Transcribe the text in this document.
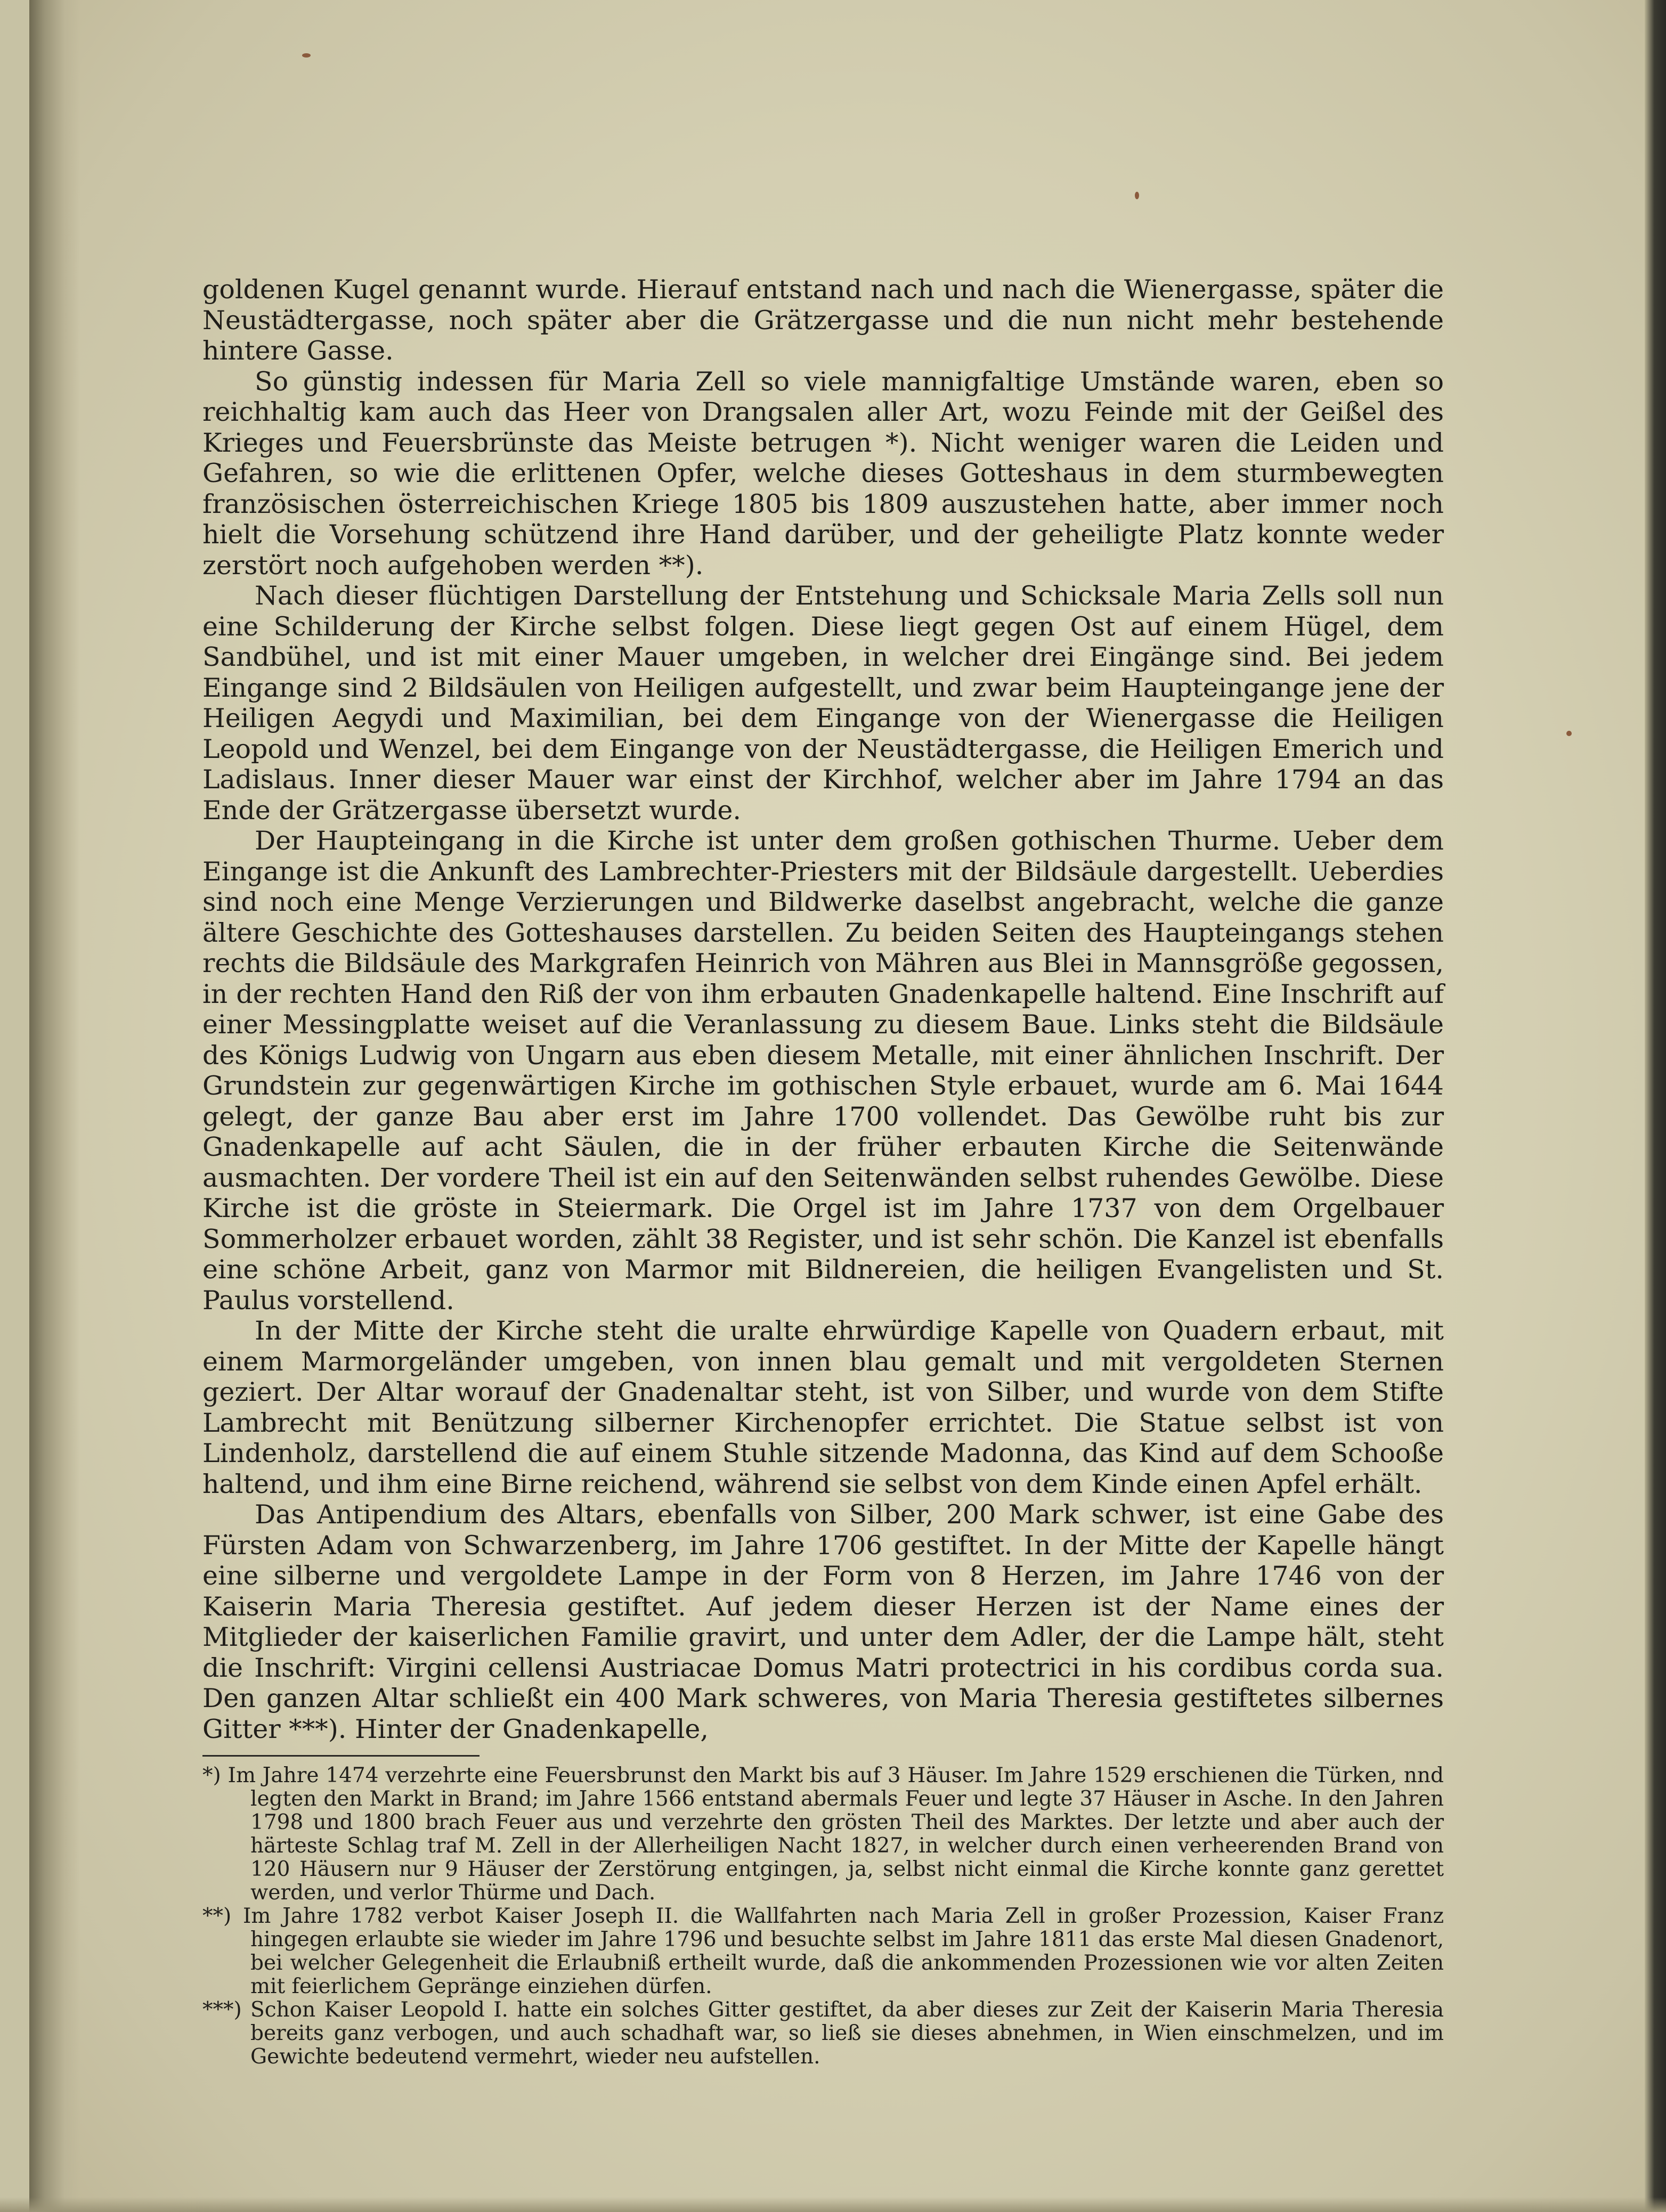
goldenen Kugel genannt wurde. Hierauf entstand nach und nach die Wienergasse, später die Neustädtergasse, noch später aber die Grätzergasse und die nun nicht mehr bestehende hintere Gasse.

So günstig indessen für Maria Zell so viele mannigfaltige Umstände waren, eben so reichhaltig kam auch das Heer von Drangsalen aller Art, wozu Feinde mit der Geißel des Krieges und Feuersbrünste das Meiste betrugen *). Nicht weniger waren die Leiden und Gefahren, so wie die erlittenen Opfer, welche dieses Gotteshaus in dem sturmbewegten französischen österreichischen Kriege 1805 bis 1809 auszustehen hatte, aber immer noch hielt die Vorsehung schützend ihre Hand darüber, und der geheiligte Platz konnte weder zerstört noch aufgehoben werden **).

Nach dieser flüchtigen Darstellung der Entstehung und Schicksale Maria Zells soll nun eine Schilderung der Kirche selbst folgen. Diese liegt gegen Ost auf einem Hügel, dem Sandbühel, und ist mit einer Mauer umgeben, in welcher drei Eingänge sind. Bei jedem Eingange sind 2 Bildsäulen von Heiligen aufgestellt, und zwar beim Haupteingange jene der Heiligen Aegydi und Maximilian, bei dem Eingange von der Wienergasse die Heiligen Leopold und Wenzel, bei dem Eingange von der Neustädtergasse, die Heiligen Emerich und Ladislaus. Inner dieser Mauer war einst der Kirchhof, welcher aber im Jahre 1794 an das Ende der Grätzergasse übersetzt wurde.

Der Haupteingang in die Kirche ist unter dem großen gothischen Thurme. Ueber dem Eingange ist die Ankunft des Lambrechter-Priesters mit der Bildsäule dargestellt. Ueberdies sind noch eine Menge Verzierungen und Bildwerke daselbst angebracht, welche die ganze ältere Geschichte des Gotteshauses darstellen. Zu beiden Seiten des Haupteingangs stehen rechts die Bildsäule des Markgrafen Heinrich von Mähren aus Blei in Mannsgröße gegossen, in der rechten Hand den Riß der von ihm erbauten Gnadenkapelle haltend. Eine Inschrift auf einer Messingplatte weiset auf die Veranlassung zu diesem Baue. Links steht die Bildsäule des Königs Ludwig von Ungarn aus eben diesem Metalle, mit einer ähnlichen Inschrift. Der Grundstein zur gegenwärtigen Kirche im gothischen Style erbauet, wurde am 6. Mai 1644 gelegt, der ganze Bau aber erst im Jahre 1700 vollendet. Das Gewölbe ruht bis zur Gnadenkapelle auf acht Säulen, die in der früher erbauten Kirche die Seitenwände ausmachten. Der vordere Theil ist ein auf den Seitenwänden selbst ruhendes Gewölbe. Diese Kirche ist die gröste in Steiermark. Die Orgel ist im Jahre 1737 von dem Orgelbauer Sommerholzer erbauet worden, zählt 38 Register, und ist sehr schön. Die Kanzel ist ebenfalls eine schöne Arbeit, ganz von Marmor mit Bildnereien, die heiligen Evangelisten und St. Paulus vorstellend.

In der Mitte der Kirche steht die uralte ehrwürdige Kapelle von Quadern erbaut, mit einem Marmorgeländer umgeben, von innen blau gemalt und mit vergoldeten Sternen geziert. Der Altar worauf der Gnadenaltar steht, ist von Silber, und wurde von dem Stifte Lambrecht mit Benützung silberner Kirchenopfer errichtet. Die Statue selbst ist von Lindenholz, darstellend die auf einem Stuhle sitzende Madonna, das Kind auf dem Schooße haltend, und ihm eine Birne reichend, während sie selbst von dem Kinde einen Apfel erhält.

Das Antipendium des Altars, ebenfalls von Silber, 200 Mark schwer, ist eine Gabe des Fürsten Adam von Schwarzenberg, im Jahre 1706 gestiftet. In der Mitte der Kapelle hängt eine silberne und vergoldete Lampe in der Form von 8 Herzen, im Jahre 1746 von der Kaiserin Maria Theresia gestiftet. Auf jedem dieser Herzen ist der Name eines der Mitglieder der kaiserlichen Familie gravirt, und unter dem Adler, der die Lampe hält, steht die Inschrift: Virgini cellensi Austriacae Domus Matri protectrici in his cordibus corda sua. Den ganzen Altar schließt ein 400 Mark schweres, von Maria Theresia gestiftetes silbernes Gitter ***). Hinter der Gnadenkapelle,

*) Im Jahre 1474 verzehrte eine Feuersbrunst den Markt bis auf 3 Häuser. Im Jahre 1529 erschienen die Türken, nnd legten den Markt in Brand; im Jahre 1566 entstand abermals Feuer und legte 37 Häuser in Asche. In den Jahren 1798 und 1800 brach Feuer aus und verzehrte den grösten Theil des Marktes. Der letzte und aber auch der härteste Schlag traf M. Zell in der Allerheiligen Nacht 1827, in welcher durch einen verheerenden Brand von 120 Häusern nur 9 Häuser der Zerstörung entgingen, ja, selbst nicht einmal die Kirche konnte ganz gerettet werden, und verlor Thürme und Dach.

**) Im Jahre 1782 verbot Kaiser Joseph II. die Wallfahrten nach Maria Zell in großer Prozession, Kaiser Franz hingegen erlaubte sie wieder im Jahre 1796 und besuchte selbst im Jahre 1811 das erste Mal diesen Gnadenort, bei welcher Gelegenheit die Erlaubniß ertheilt wurde, daß die ankommenden Prozessionen wie vor alten Zeiten mit feierlichem Gepränge einziehen dürfen.

***) Schon Kaiser Leopold I. hatte ein solches Gitter gestiftet, da aber dieses zur Zeit der Kaiserin Maria Theresia bereits ganz verbogen, und auch schadhaft war, so ließ sie dieses abnehmen, in Wien einschmelzen, und im Gewichte bedeutend vermehrt, wieder neu aufstellen.
